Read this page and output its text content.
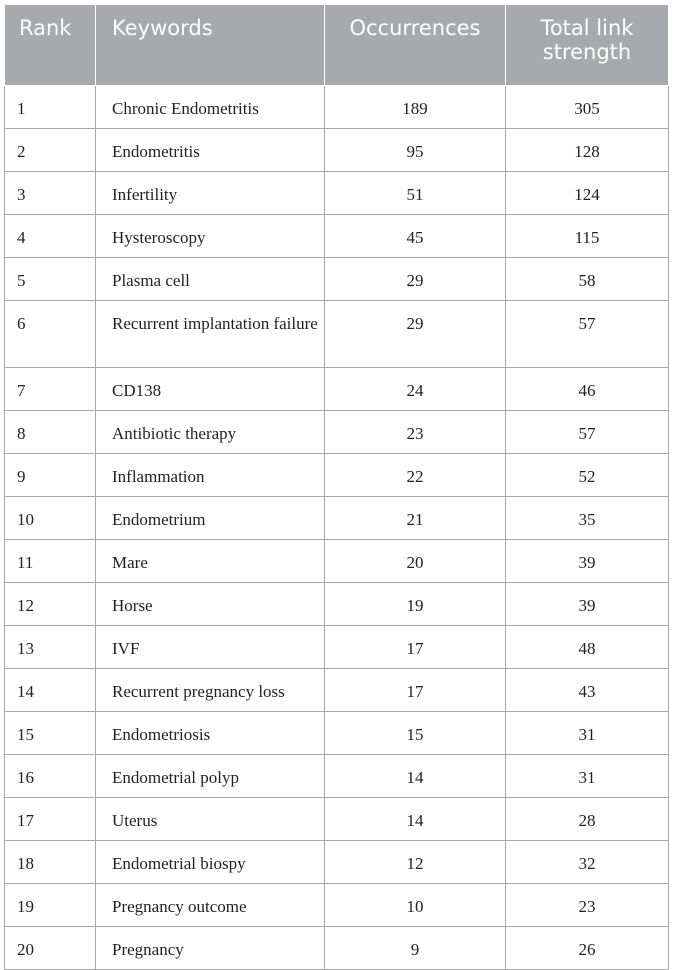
Rank	Keywords	Occurrences	Total link strength

1	Chronic Endometritis	189	305

2	Endometritis	95	128

3	Infertility	51	124

4	Hysteroscopy	45	115

5	Plasma cell	29	58

6	Recurrent implantation failure	29	57

7	CD138	24	46

8	Antibiotic therapy	23	57

9	Inflammation	22	52

10	Endometrium	21	35

11	Mare	20	39

12	Horse	19	39

13	IVF	17	48

14	Recurrent pregnancy loss	17	43

15	Endometriosis	15	31

16	Endometrial polyp	14	31

17	Uterus	14	28

18	Endometrial biospy	12	32

19	Pregnancy outcome	10	23

20	Pregnancy	9	26
